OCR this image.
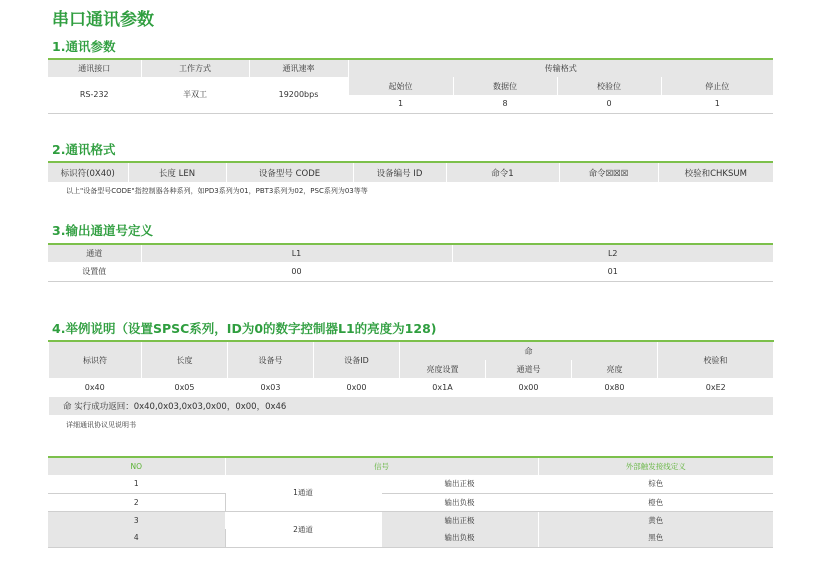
串口通讯参数
1.通讯参数
通讯接口	工作方式	通讯速率	传输格式			
RS-232	半双工	19200bps	起始位	数据位	校验位	停止位
			1	8	0	1
2.通讯格式
标识符(0X40)	长度 LEN	设备型号 CODE	设备编号 ID	命令1	命令☒☒☒	校验和CHKSUM
以上"设备型号CODE"指控制器各种系列，如PD3系列为01，PBT3系列为02，PSC系列为03等等
3.输出通道号定义
通道	L1	L2
设置值	00	01
4.举例说明（设置SPSC系列，ID为0的数字控制器L1的亮度为128)
标识符	长度	设备号	设备ID	命			校验和
				亮度设置	通道号	亮度	
0x40	0x05	0x03	0x00	0x1A	0x00	0x80	0xE2
命 实行成功返回：0x40,0x03,0x03,0x00，0x00，0x46							
详细通讯协议见说明书
NO	信号		外部触发接线定义
1	1通道	输出正极	棕色
2		输出负极	橙色
3	2通道	输出正极	黄色
4		输出负极	黑色
